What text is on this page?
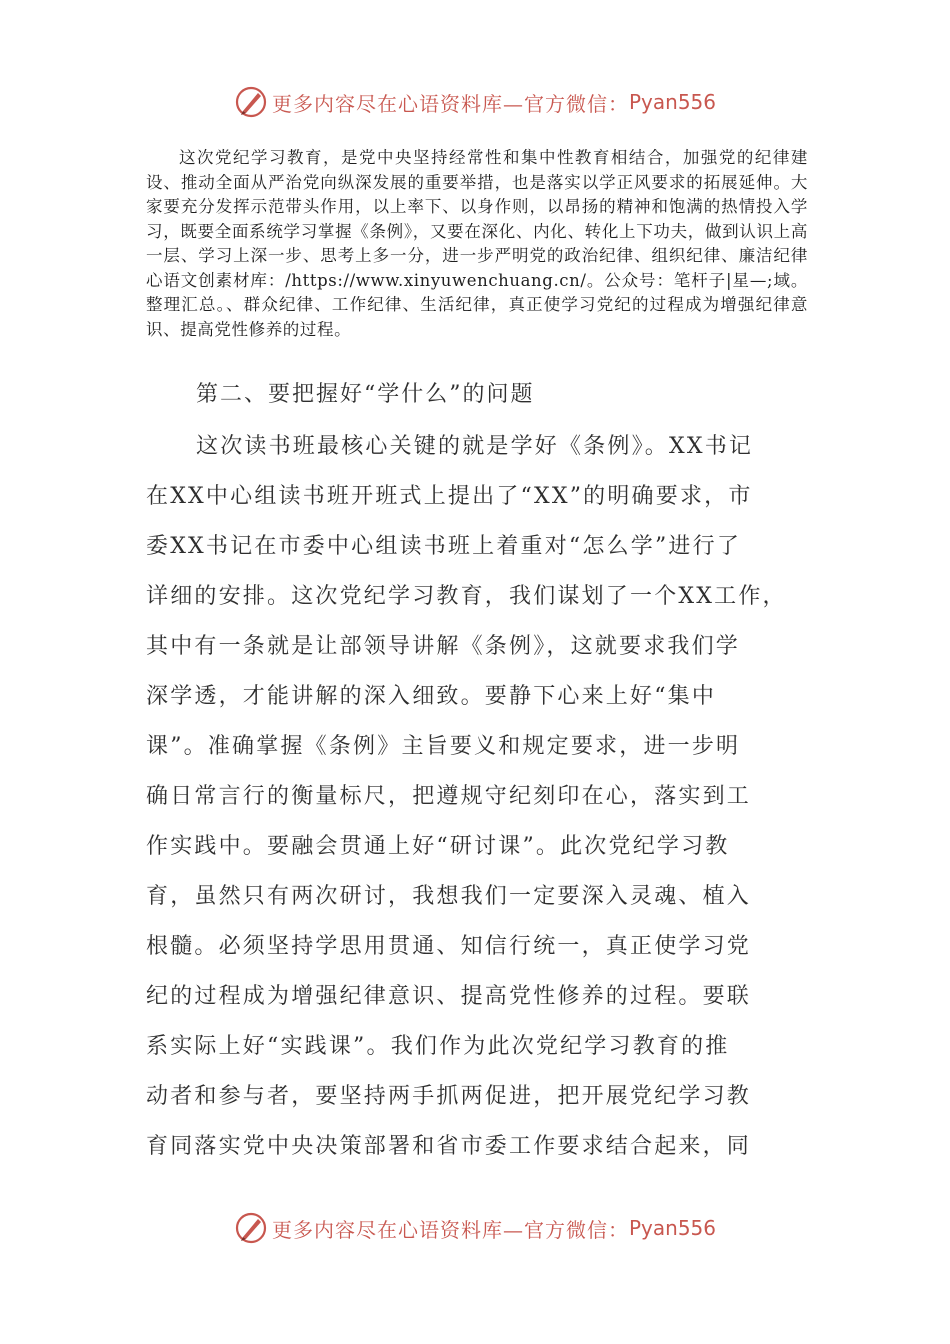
更多内容尽在心语资料库—官方微信： Pyan556

这次党纪学习教育，是党中央坚持经常性和集中性教育相结合，加强党的纪律建设、推动全面从严治党向纵深发展的重要举措，也是落实以学正风要求的拓展延伸。大家要充分发挥示范带头作用，以上率下、以身作则，以昂扬的精神和饱满的热情投入学习，既要全面系统学习掌握《条例》，又要在深化、内化、转化上下功夫，做到认识上高一层、学习上深一步、思考上多一分，进一步严明党的政治纪律、组织纪律、廉洁纪律心语文创素材库：/https://www.xinyuwenchuang.cn/。公众号：笔杆子|星—;域。整理汇总。、群众纪律、工作纪律、生活纪律，真正使学习党纪的过程成为增强纪律意识、提高党性修养的过程。

第二、要把握好“学什么”的问题
这次读书班最核心关键的就是学好《条例》。XX书记
在XX中心组读书班开班式上提出了“XX”的明确要求，市
委XX书记在市委中心组读书班上着重对“怎么学”进行了
详细的安排。这次党纪学习教育，我们谋划了一个XX工作，
其中有一条就是让部领导讲解《条例》，这就要求我们学
深学透，才能讲解的深入细致。要静下心来上好“集中
课”。准确掌握《条例》主旨要义和规定要求，进一步明
确日常言行的衡量标尺，把遵规守纪刻印在心，落实到工
作实践中。要融会贯通上好“研讨课”。此次党纪学习教
育，虽然只有两次研讨，我想我们一定要深入灵魂、植入
根髓。必须坚持学思用贯通、知信行统一，真正使学习党
纪的过程成为增强纪律意识、提高党性修养的过程。要联
系实际上好“实践课”。我们作为此次党纪学习教育的推
动者和参与者，要坚持两手抓两促进，把开展党纪学习教
育同落实党中央决策部署和省市委工作要求结合起来，同
更多内容尽在心语资料库—官方微信： Pyan556
